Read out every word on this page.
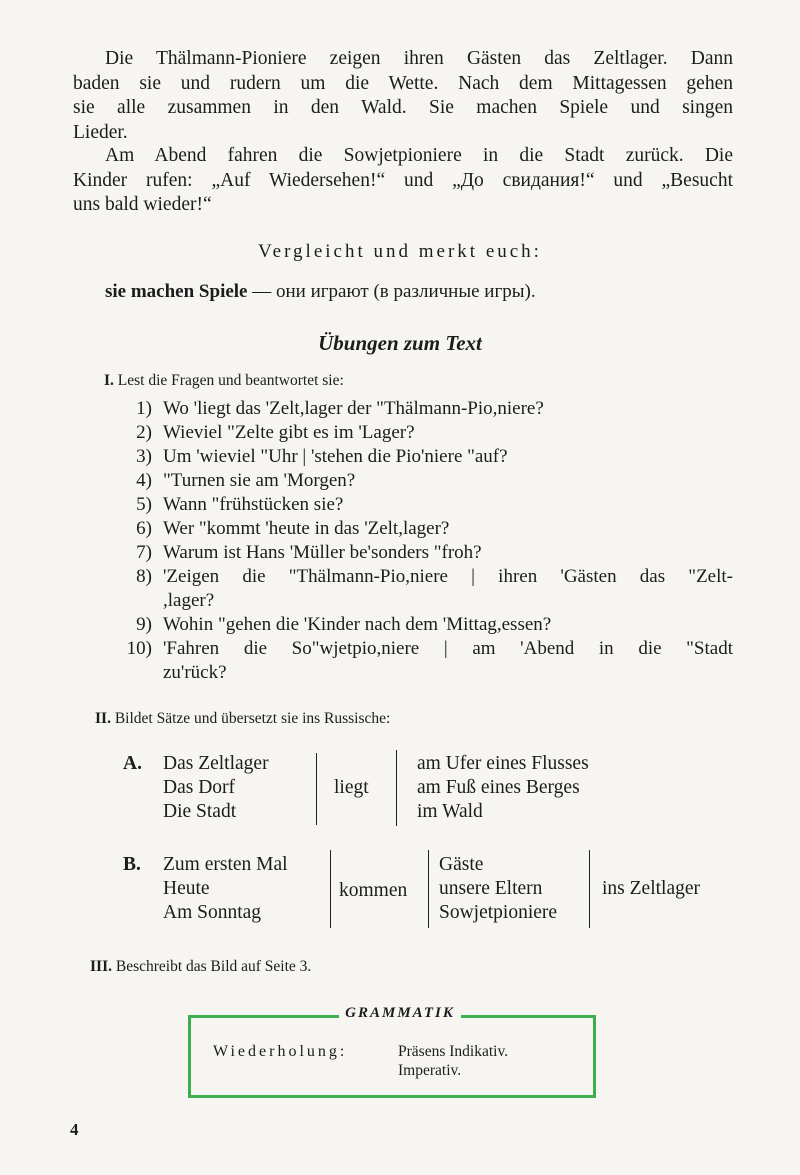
Die Thälmann-Pioniere zeigen ihren Gästen das Zeltlager. Dann
baden sie und rudern um die Wette. Nach dem Mittagessen gehen
sie alle zusammen in den Wald. Sie machen Spiele und singen
Lieder.
Am Abend fahren die Sowjetpioniere in die Stadt zurück. Die
Kinder rufen: „Auf Wiedersehen!“ und „До свидания!“ und „Besucht
uns bald wieder!“
Vergleicht und merkt euch:
sie machen Spiele — они играют (в различные игры).
Übungen zum Text
I. Lest die Fragen und beantwortet sie:
1) Wo 'liegt das 'Zelt,lager der "Thälmann-Pio,niere?
2) Wieviel "Zelte gibt es im 'Lager?
3) Um 'wieviel "Uhr | 'stehen die Pio'niere "auf?
4) "Turnen sie am 'Morgen?
5) Wann "frühstücken sie?
6) Wer "kommt 'heute in das 'Zelt,lager?
7) Warum ist Hans 'Müller be'sonders "froh?
8) 'Zeigen die "Thälmann-Pio,niere | ihren 'Gästen das "Zelt-
,lager?
9) Wohin "gehen die 'Kinder nach dem 'Mittag,essen?
10) 'Fahren die So"wjetpio,niere | am 'Abend in die "Stadt
zu'rück?
II. Bildet Sätze und übersetzt sie ins Russische:
A. Das Zeltlager
Das Dorf
Die Stadt
liegt
am Ufer eines Flusses
am Fuß eines Berges
im Wald
B. Zum ersten Mal
Heute
Am Sonntag
kommen
Gäste
unsere Eltern
Sowjetpioniere
ins Zeltlager
III. Beschreibt das Bild auf Seite 3.
GRAMMATIK
Wiederholung:	Präsens Indikativ.
Imperativ.
4
